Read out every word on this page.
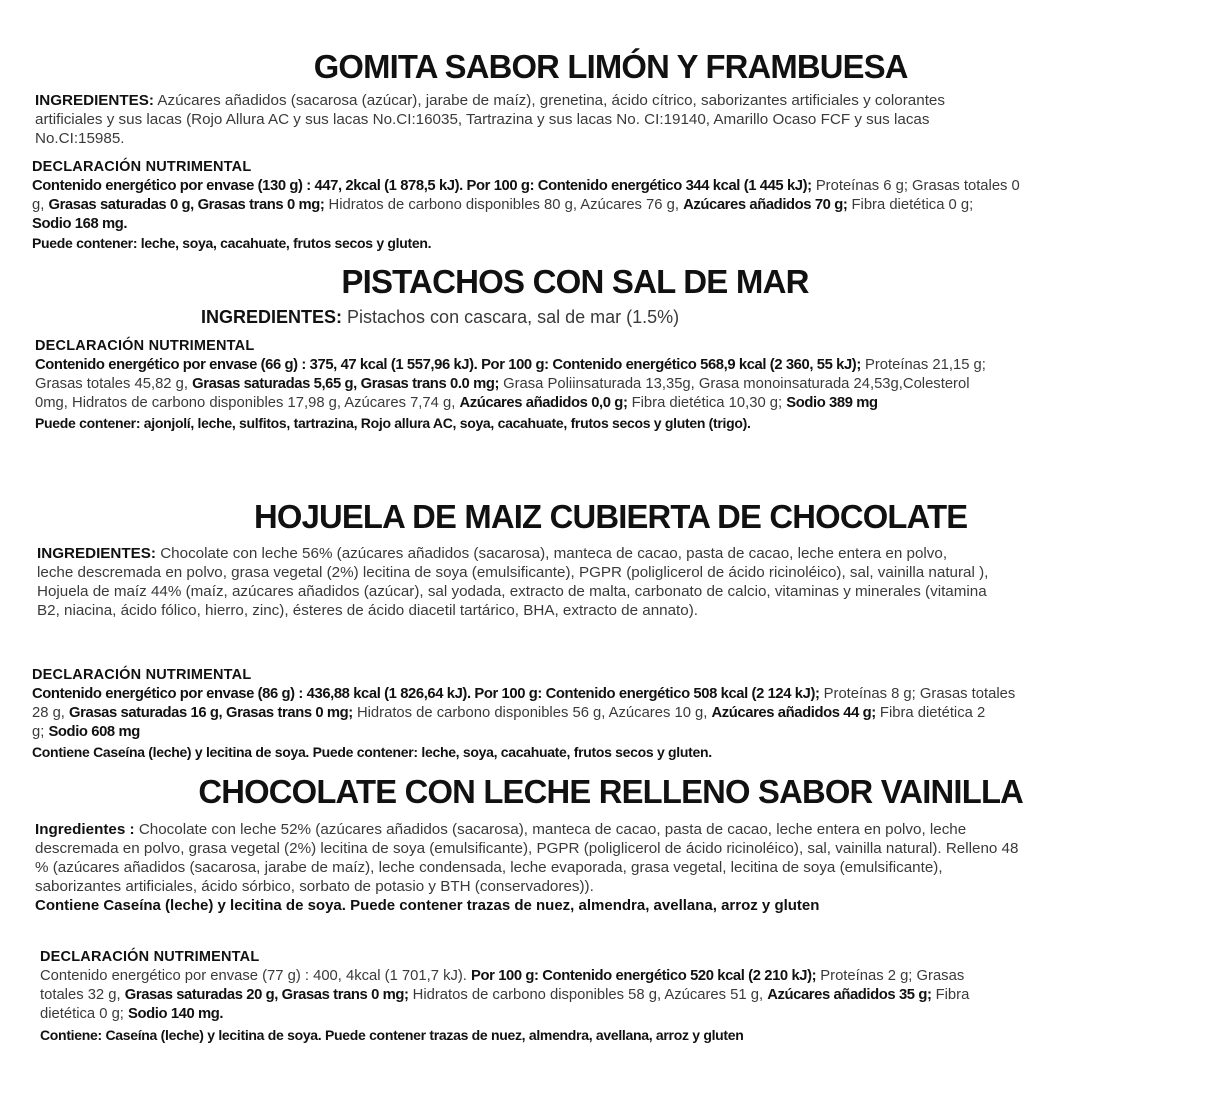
GOMITA SABOR LIMÓN Y FRAMBUESA
INGREDIENTES: Azúcares añadidos (sacarosa (azúcar), jarabe de maíz), grenetina, ácido cítrico, saborizantes artificiales y colorantes
artificiales y sus lacas (Rojo Allura AC y sus lacas No.CI:16035, Tartrazina y sus lacas No. CI:19140, Amarillo Ocaso FCF y sus lacas
No.CI:15985.
DECLARACIÓN NUTRIMENTAL
Contenido energético por envase (130 g) : 447, 2kcal (1 878,5 kJ). Por 100 g: Contenido energético 344 kcal (1 445 kJ); Proteínas 6 g; Grasas totales 0
g, Grasas saturadas 0 g, Grasas trans 0 mg; Hidratos de carbono disponibles 80 g, Azúcares 76 g, Azúcares añadidos 70 g; Fibra dietética 0 g;
Sodio 168 mg.
Puede contener: leche, soya, cacahuate, frutos secos y gluten.
PISTACHOS CON SAL DE MAR
INGREDIENTES: Pistachos con cascara, sal de mar (1.5%)
DECLARACIÓN NUTRIMENTAL
Contenido energético por envase (66 g) : 375, 47 kcal (1 557,96 kJ). Por 100 g: Contenido energético 568,9 kcal (2 360, 55 kJ); Proteínas 21,15 g;
Grasas totales 45,82 g, Grasas saturadas 5,65 g, Grasas trans 0.0 mg; Grasa Poliinsaturada 13,35g, Grasa monoinsaturada 24,53g,Colesterol
0mg, Hidratos de carbono disponibles 17,98 g, Azúcares 7,74 g, Azúcares añadidos 0,0 g; Fibra dietética 10,30 g; Sodio 389 mg
Puede contener: ajonjolí, leche, sulfitos, tartrazina, Rojo allura AC, soya, cacahuate, frutos secos y gluten (trigo).
HOJUELA DE MAIZ CUBIERTA DE CHOCOLATE
INGREDIENTES: Chocolate con leche 56% (azúcares añadidos (sacarosa), manteca de cacao, pasta de cacao, leche entera en polvo,
leche descremada en polvo, grasa vegetal (2%) lecitina de soya (emulsificante), PGPR (poliglicerol de ácido ricinoléico), sal, vainilla natural ),
Hojuela de maíz 44% (maíz, azúcares añadidos (azúcar), sal yodada, extracto de malta, carbonato de calcio, vitaminas y minerales (vitamina
B2, niacina, ácido fólico, hierro, zinc), ésteres de ácido diacetil tartárico, BHA, extracto de annato).
DECLARACIÓN NUTRIMENTAL
Contenido energético por envase (86 g) : 436,88 kcal (1 826,64 kJ). Por 100 g: Contenido energético 508 kcal (2 124 kJ); Proteínas 8 g; Grasas totales
28 g, Grasas saturadas 16 g, Grasas trans 0 mg; Hidratos de carbono disponibles 56 g, Azúcares 10 g, Azúcares añadidos 44 g; Fibra dietética 2
g; Sodio 608 mg
Contiene Caseína (leche) y lecitina de soya. Puede contener: leche, soya, cacahuate, frutos secos y gluten.
CHOCOLATE CON LECHE RELLENO SABOR VAINILLA
Ingredientes : Chocolate con leche 52% (azúcares añadidos (sacarosa), manteca de cacao, pasta de cacao, leche entera en polvo, leche
descremada en polvo, grasa vegetal (2%) lecitina de soya (emulsificante), PGPR (poliglicerol de ácido ricinoléico), sal, vainilla natural). Relleno 48
% (azúcares añadidos (sacarosa, jarabe de maíz), leche condensada, leche evaporada, grasa vegetal, lecitina de soya (emulsificante),
saborizantes artificiales, ácido sórbico, sorbato de potasio y BTH (conservadores)).
Contiene Caseína (leche) y lecitina de soya. Puede contener trazas de nuez, almendra, avellana, arroz y gluten
DECLARACIÓN NUTRIMENTAL
Contenido energético por envase (77 g) : 400, 4kcal (1 701,7 kJ). Por 100 g: Contenido energético 520 kcal (2 210 kJ); Proteínas 2 g; Grasas
totales 32 g, Grasas saturadas 20 g, Grasas trans 0 mg; Hidratos de carbono disponibles 58 g, Azúcares 51 g, Azúcares añadidos 35 g; Fibra
dietética 0 g; Sodio 140 mg.
Contiene: Caseína (leche) y lecitina de soya. Puede contener trazas de nuez, almendra, avellana, arroz y gluten
